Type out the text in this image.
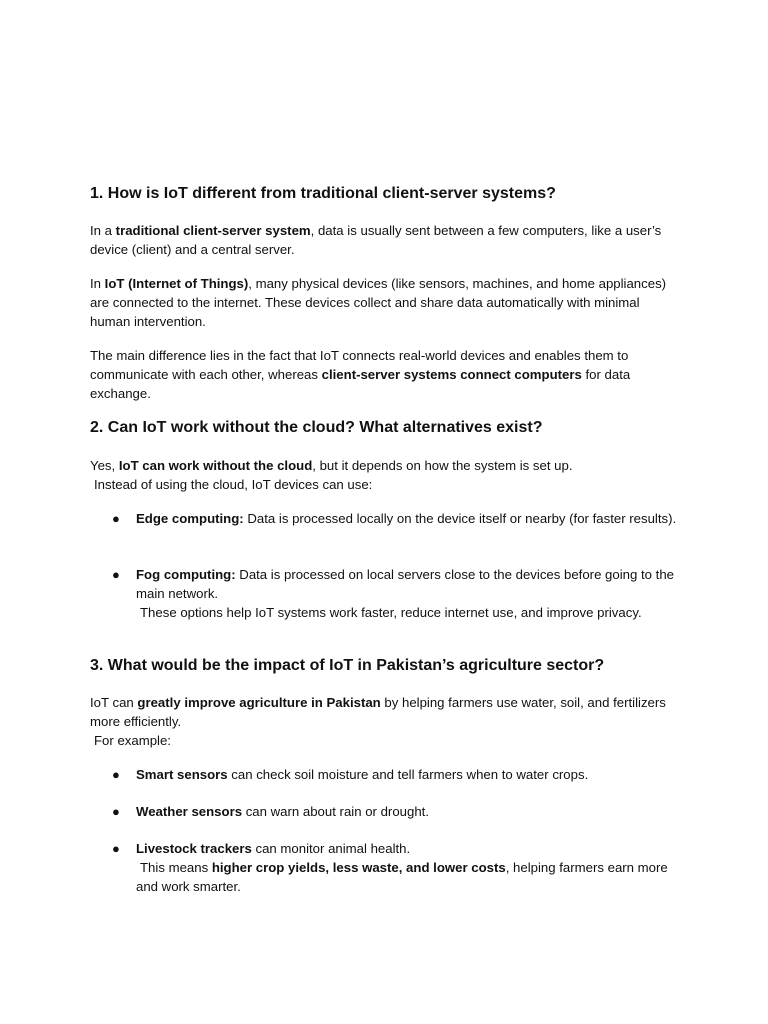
1. How is IoT different from traditional client-server systems?

In a traditional client-server system, data is usually sent between a few computers, like a user’s device (client) and a central server.

In IoT (Internet of Things), many physical devices (like sensors, machines, and home appliances) are connected to the internet. These devices collect and share data automatically with minimal human intervention.

The main difference lies in the fact that IoT connects real-world devices and enables them to communicate with each other, whereas client-server systems connect computers for data exchange.

2. Can IoT work without the cloud? What alternatives exist?

Yes, IoT can work without the cloud, but it depends on how the system is set up.
Instead of using the cloud, IoT devices can use:

●	Edge computing: Data is processed locally on the device itself or nearby (for faster results).
●	Fog computing: Data is processed on local servers close to the devices before going to the main network.
These options help IoT systems work faster, reduce internet use, and improve privacy.
3. What would be the impact of IoT in Pakistan’s agriculture sector?

IoT can greatly improve agriculture in Pakistan by helping farmers use water, soil, and fertilizers more efficiently.
For example:

●	Smart sensors can check soil moisture and tell farmers when to water crops.
●	Weather sensors can warn about rain or drought.
●	Livestock trackers can monitor animal health.
This means higher crop yields, less waste, and lower costs, helping farmers earn more and work smarter.
